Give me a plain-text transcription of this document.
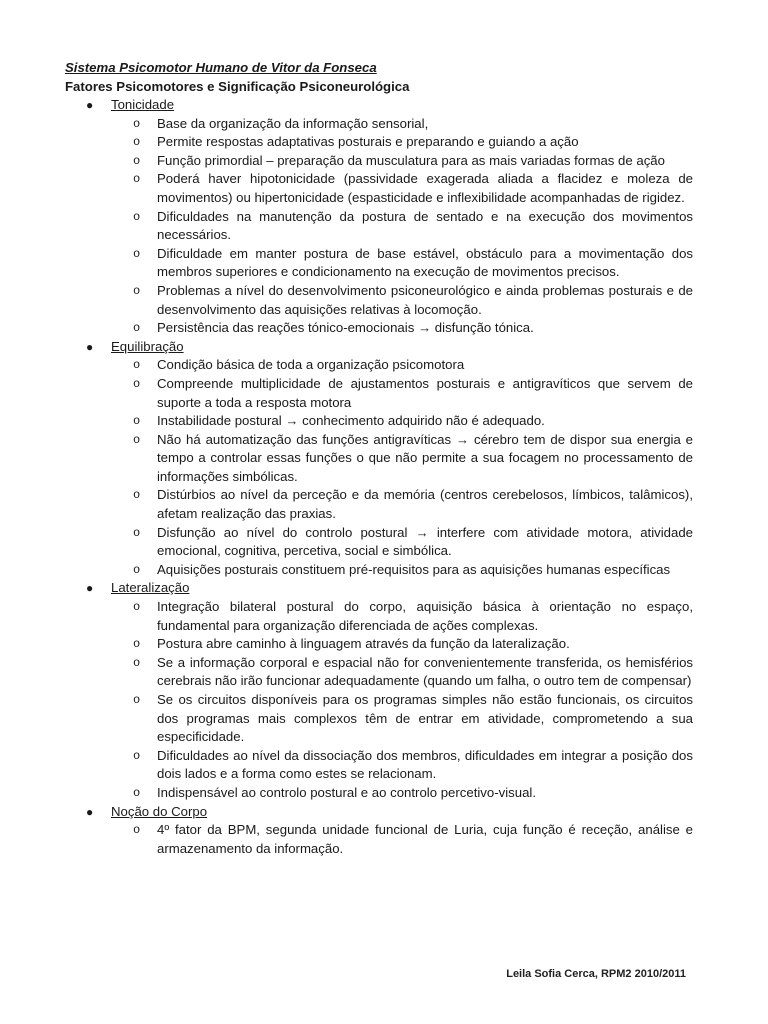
Sistema Psicomotor Humano de Vitor da Fonseca
Fatores Psicomotores e Significação Psiconeurológica
● Tonicidade
o Base da organização da informação sensorial,
o Permite respostas adaptativas posturais e preparando e guiando a ação
o Função primordial – preparação da musculatura para as mais variadas formas de ação
o Poderá haver hipotonicidade (passividade exagerada aliada a flacidez e moleza de movimentos) ou hipertonicidade (espasticidade e inflexibilidade acompanhadas de rigidez.
o Dificuldades na manutenção da postura de sentado e na execução dos movimentos necessários.
o Dificuldade em manter postura de base estável, obstáculo para a movimentação dos membros superiores e condicionamento na execução de movimentos precisos.
o Problemas a nível do desenvolvimento psiconeurológico e ainda problemas posturais e de desenvolvimento das aquisições relativas à locomoção.
o Persistência das reações tónico-emocionais → disfunção tónica.
● Equilibração
o Condição básica de toda a organização psicomotora
o Compreende multiplicidade de ajustamentos posturais e antigravíticos que servem de suporte a toda a resposta motora
o Instabilidade postural → conhecimento adquirido não é adequado.
o Não há automatização das funções antigravíticas → cérebro tem de dispor sua energia e tempo a controlar essas funções o que não permite a sua focagem no processamento de informações simbólicas.
o Distúrbios ao nível da perceção e da memória (centros cerebelosos, límbicos, talâmicos), afetam realização das praxias.
o Disfunção ao nível do controlo postural → interfere com atividade motora, atividade emocional, cognitiva, percetiva, social e simbólica.
o Aquisições posturais constituem pré-requisitos para as aquisições humanas específicas
● Lateralização
o Integração bilateral postural do corpo, aquisição básica à orientação no espaço, fundamental para organização diferenciada de ações complexas.
o Postura abre caminho à linguagem através da função da lateralização.
o Se a informação corporal e espacial não for convenientemente transferida, os hemisférios cerebrais não irão funcionar adequadamente (quando um falha, o outro tem de compensar)
o Se os circuitos disponíveis para os programas simples não estão funcionais, os circuitos dos programas mais complexos têm de entrar em atividade, comprometendo a sua especificidade.
o Dificuldades ao nível da dissociação dos membros, dificuldades em integrar a posição dos dois lados e a forma como estes se relacionam.
o Indispensável ao controlo postural e ao controlo percetivo-visual.
● Noção do Corpo
o 4º fator da BPM, segunda unidade funcional de Luria, cuja função é receção, análise e armazenamento da informação.
Leila Sofia Cerca, RPM2 2010/2011
